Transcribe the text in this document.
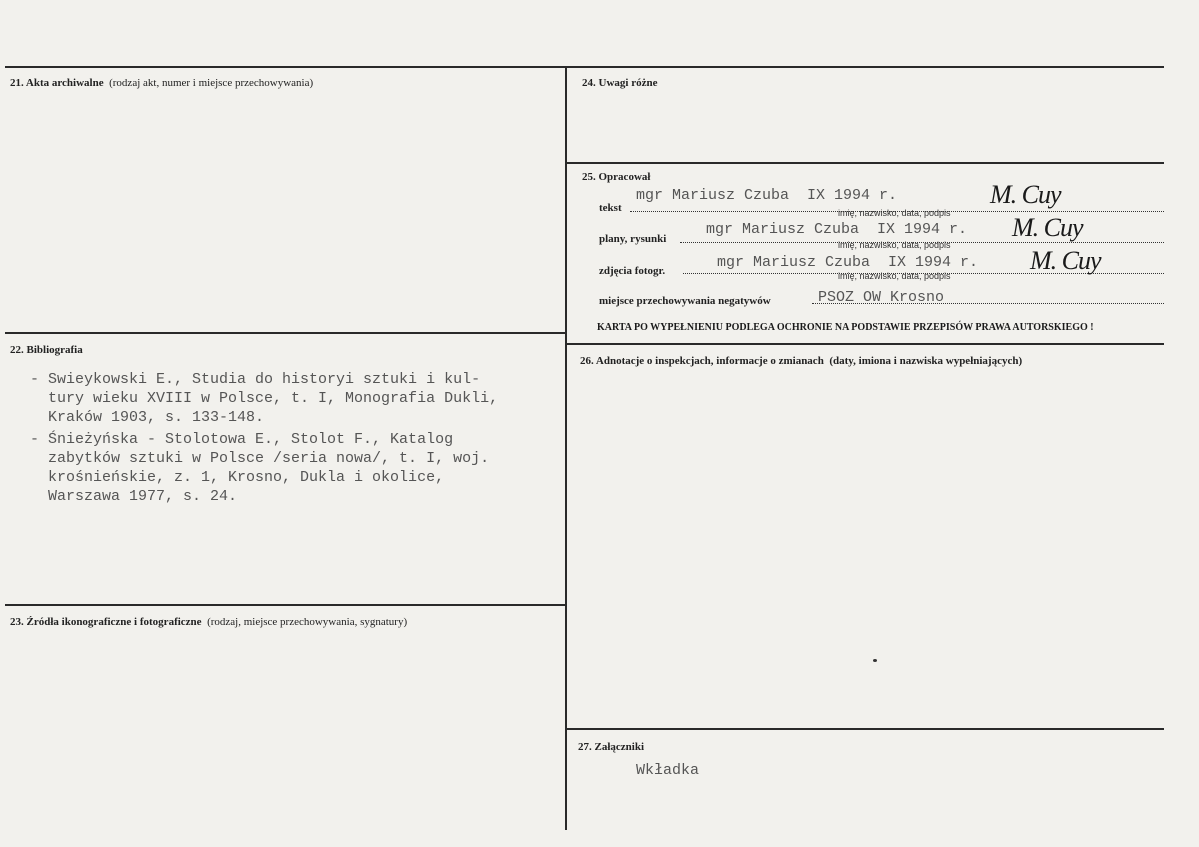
21. Akta archiwalne (rodzaj akt, numer i miejsce przechowywania)
22. Bibliografia
- Swieykowski E., Studia do historyi sztuki i kul-
tury wieku XVIII w Polsce, t. I, Monografia Dukli,
Kraków 1903, s. 133-148.
- Śnieżyńska - Stolotowa E., Stolot F., Katalog
zabytków sztuki w Polsce /seria nowa/, t. I, woj.
krośnieńskie, z. 1, Krosno, Dukla i okolice,
Warszawa 1977, s. 24.
23. Źródła ikonograficzne i fotograficzne (rodzaj, miejsce przechowywania, sygnatury)
24. Uwagi różne
25. Opracował
tekst
mgr Mariusz Czuba  IX 1994 r.
imię, nazwisko, data, podpis
M. Cuy
plany, rysunki
mgr Mariusz Czuba  IX 1994 r.
imię, nazwisko, data, podpis
M. Cuy
zdjęcia fotogr.	mgr Mariusz Czuba  IX 1994 r.
imię, nazwisko, data, podpis
M. Cuy
miejsce przechowywania negatywów	PSOZ OW Krosno
KARTA PO WYPEŁNIENIU PODLEGA OCHRONIE NA PODSTAWIE PRZEPISÓW PRAWA AUTORSKIEGO !
26. Adnotacje o inspekcjach, informacje o zmianach (daty, imiona i nazwiska wypełniających)
27. Załączniki
Wkładka
